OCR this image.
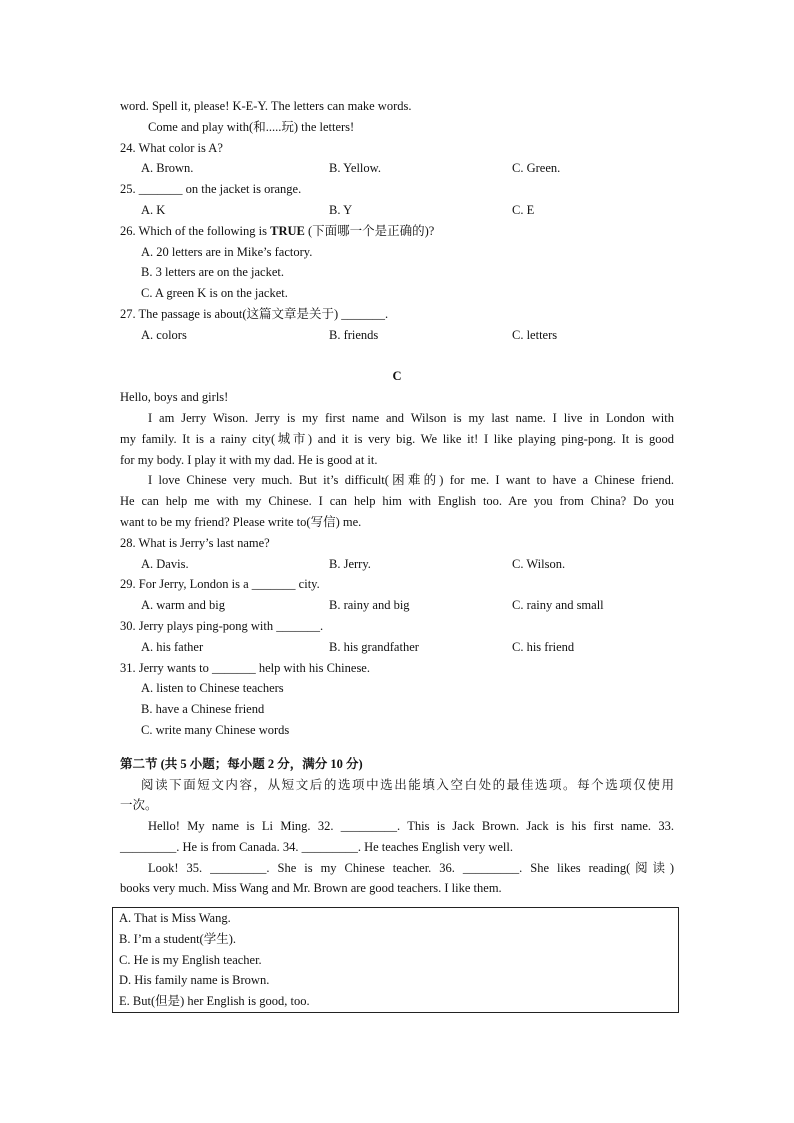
word. Spell it, please! K-E-Y. The letters can make words.
Come and play with(和.....玩) the letters!
24. What color is A?
A. Brown.	B. Yellow.	C. Green.
25. _______ on the jacket is orange.
A. K	B. Y	C. E
26. Which of the following is TRUE (下面哪一个是正确的)?
A. 20 letters are in Mike’s factory.
B. 3 letters are on the jacket.
C. A green K is on the jacket.
27. The passage is about(这篇文章是关于) _______.
A. colors	B. friends	C. letters
C
Hello, boys and girls!
I am Jerry Wison. Jerry is my first name and Wilson is my last name. I live in London with
my family. It is a rainy city(城市) and it is very big. We like it! I like playing ping-pong. It is good
for my body. I play it with my dad. He is good at it.
I love Chinese very much. But it’s difficult(困难的) for me. I want to have a Chinese friend.
He can help me with my Chinese. I can help him with English too. Are you from China? Do you
want to be my friend? Please write to(写信) me.
28. What is Jerry’s last name?
A. Davis.	B. Jerry.	C. Wilson.
29. For Jerry, London is a _______ city.
A. warm and big	B. rainy and big	C. rainy and small
30. Jerry plays ping-pong with _______.
A. his father	B. his grandfather	C. his friend
31. Jerry wants to _______ help with his Chinese.
A. listen to Chinese teachers
B. have a Chinese friend
C. write many Chinese words
第二节 (共 5 小题；每小题 2 分，满分 10 分)
阅读下面短文内容，从短文后的选项中选出能填入空白处的最佳选项。每个选项仅使用
一次。
Hello! My name is Li Ming. 32. _________. This is Jack Brown. Jack is his first name. 33.
_________. He is from Canada. 34. _________. He teaches English very well.
Look! 35. _________. She is my Chinese teacher. 36. _________. She likes reading(阅读)
books very much. Miss Wang and Mr. Brown are good teachers. I like them.
A. That is Miss Wang.
B. I’m a student(学生).
C. He is my English teacher.
D. His family name is Brown.
E. But(但是) her English is good, too.
